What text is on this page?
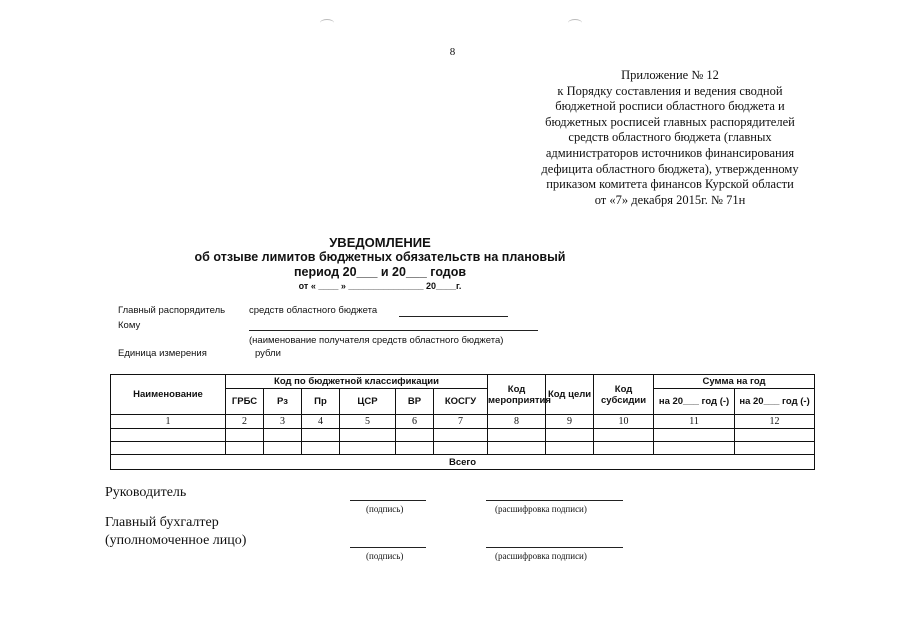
8
Приложение № 12
к Порядку составления и ведения сводной
бюджетной росписи областного бюджета и
бюджетных росписей главных распорядителей
средств областного бюджета (главных
администраторов источников финансирования
дефицита областного бюджета), утвержденному
приказом комитета финансов Курской области
от «7» декабря 2015г. № 71н
УВЕДОМЛЕНИЕ
об отзыве лимитов бюджетных обязательств на плановый
период 20___ и 20___ годов
от « ____ » _______________ 20____г.
Главный распорядитель	средств областного бюджета
Кому
(наименование получателя средств областного бюджета)
Единица измерения	рубли
Наименование	Код по бюджетной классификации						Код мероприятия	Код цели	Код субсидии	Сумма на год	
	ГРБС	Рз	Пр	ЦСР	ВР	КОСГУ				на 20___ год (-)	на 20___ год (-)
1	2	3	4	5	6	7	8	9	10	11	12

Всего											
Руководитель
(подпись)	(расшифровка подписи)
Главный бухгалтер
(уполномоченное лицо)
(подпись)	(расшифровка подписи)
